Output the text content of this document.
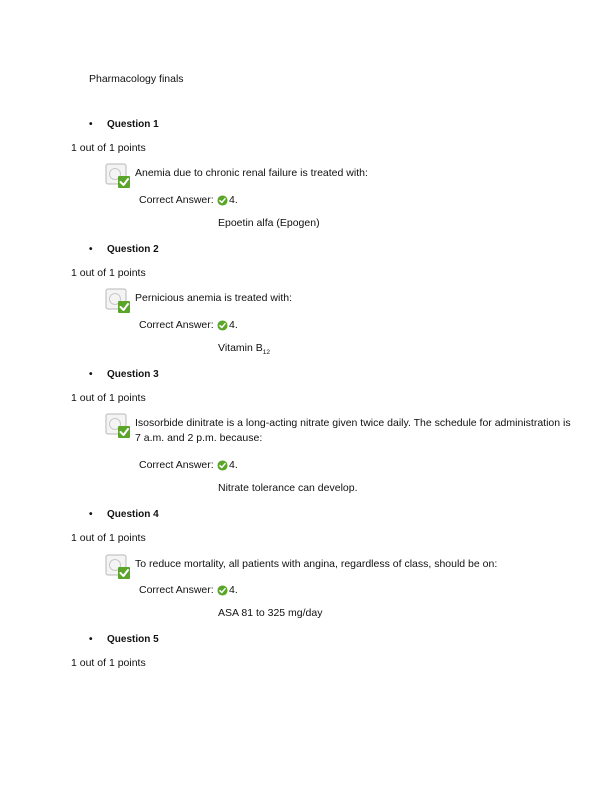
Pharmacology finals
•	Question 1
1 out of 1 points
Anemia due to chronic renal failure is treated with:
Correct Answer:	4.
Epoetin alfa (Epogen)
•	Question 2
1 out of 1 points
Pernicious anemia is treated with:
Correct Answer:	4.
Vitamin $B_{12}$
•	Question 3
1 out of 1 points
Isosorbide dinitrate is a long-acting nitrate given twice daily. The schedule for administration is
7 a.m. and 2 p.m. because:
Correct Answer:	4.
Nitrate tolerance can develop.
•	Question 4
1 out of 1 points
To reduce mortality, all patients with angina, regardless of class, should be on:
Correct Answer:	4.
ASA 81 to 325 mg/day
•	Question 5
1 out of 1 points
